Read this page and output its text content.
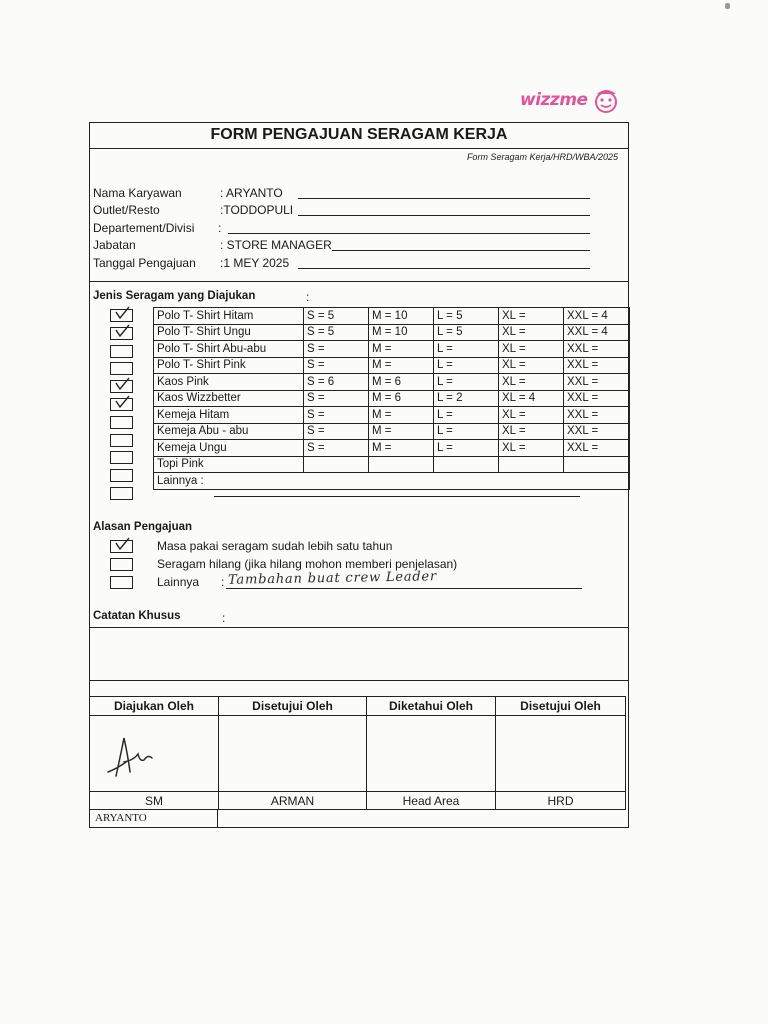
wizzme
FORM PENGAJUAN SERAGAM KERJA
Form Seragam Kerja/HRD/WBA/2025
Nama Karyawan	: ARYANTO
Outlet/Resto	:TODDOPULI
Departement/Divisi :
Jabatan	: STORE MANAGER
Tanggal Pengajuan :1 MEY 2025
Jenis Seragam yang Diajukan	:
Polo T- Shirt Hitam	S = 5	M = 10	L = 5	XL =	XXL = 4
Polo T- Shirt Ungu	S = 5	M = 10	L = 5	XL =	XXL = 4
Polo T- Shirt Abu-abu	S =	M =	L =	XL =	XXL =
Polo T- Shirt Pink	S =	M =	L =	XL =	XXL =
Kaos Pink	S = 6	M = 6	L =	XL =	XXL =
Kaos Wizzbetter	S =	M = 6	L = 2	XL = 4	XXL =
Kemeja Hitam	S =	M =	L =	XL =	XXL =
Kemeja Abu - abu	S =	M =	L =	XL =	XXL =
Kemeja Ungu	S =	M =	L =	XL =	XXL =
Topi Pink					
Lainnya :					
Alasan Pengajuan
Masa pakai seragam sudah lebih satu tahun
Seragam hilang (jika hilang mohon memberi penjelasan)
Lainnya : Tambahan buat crew Leader
Catatan Khusus	:
Diajukan Oleh	Disetujui Oleh	Diketahui Oleh	Disetujui Oleh

SM	ARMAN	Head Area	HRD
ARYANTO
